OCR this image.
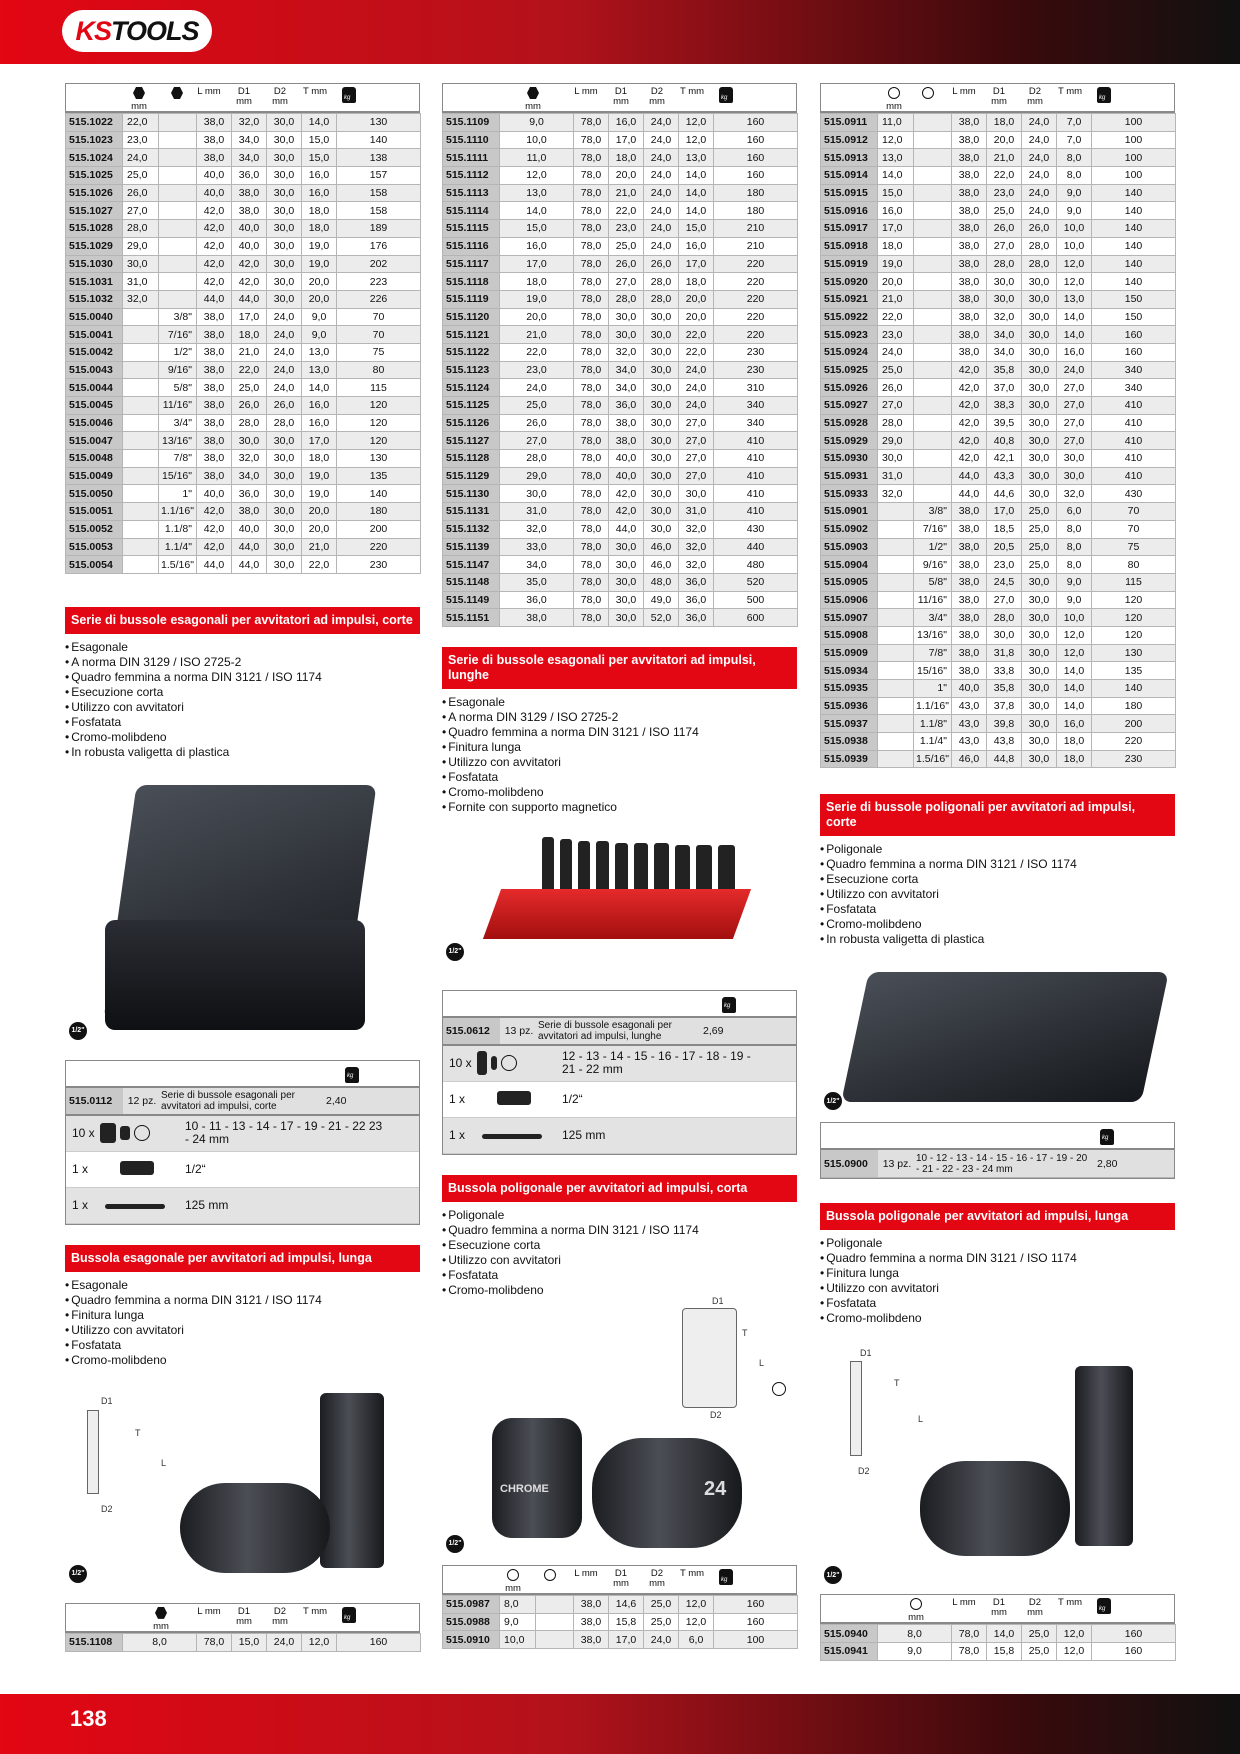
KS TOOLS

mm
L mm	D1 mm
D2 mm
T mm
kg
515.1022	22,0		38,0	32,0	30,0	14,0	130
515.1023	23,0		38,0	34,0	30,0	15,0	140
515.1024	24,0		38,0	34,0	30,0	15,0	138
515.1025	25,0		40,0	36,0	30,0	16,0	157
515.1026	26,0		40,0	38,0	30,0	16,0	158
515.1027	27,0		42,0	38,0	30,0	18,0	158
515.1028	28,0		42,0	40,0	30,0	18,0	189
515.1029	29,0		42,0	40,0	30,0	19,0	176
515.1030	30,0		42,0	42,0	30,0	19,0	202
515.1031	31,0		42,0	42,0	30,0	20,0	223
515.1032	32,0		44,0	44,0	30,0	20,0	226
515.0040		3/8"	38,0	17,0	24,0	9,0	70
515.0041		7/16"	38,0	18,0	24,0	9,0	70
515.0042		1/2"	38,0	21,0	24,0	13,0	75
515.0043		9/16"	38,0	22,0	24,0	13,0	80
515.0044		5/8"	38,0	25,0	24,0	14,0	115
515.0045		11/16"	38,0	26,0	26,0	16,0	120
515.0046		3/4"	38,0	28,0	28,0	16,0	120
515.0047		13/16"	38,0	30,0	30,0	17,0	120
515.0048		7/8"	38,0	32,0	30,0	18,0	130
515.0049		15/16"	38,0	34,0	30,0	19,0	135
515.0050		1"	40,0	36,0	30,0	19,0	140
515.0051		1.1/16"	42,0	38,0	30,0	20,0	180
515.0052		1.1/8"	42,0	40,0	30,0	20,0	200
515.0053		1.1/4"	42,0	44,0	30,0	21,0	220
515.0054		1.5/16"	44,0	44,0	30,0	22,0	230
Serie di bussole esagonali per avvitatori ad impulsi, corte
• Esagonale
• A norma DIN 3129 / ISO 2725-2
• Quadro femmina a norma DIN 3121 / ISO 1174
• Esecuzione corta
• Utilizzo con avvitatori
• Fosfatata
• Cromo-molibdeno
• In robusta valigetta di plastica
1/2"
kg
515.0112	12 pz. Serie di bussole esagonali per avvitatori ad impulsi, corte	2,40
10 x	10 - 11 - 13 - 14 - 17 - 19 - 21 - 22 23 - 24 mm
1 x	1/2“
1 x	125 mm
Bussola esagonale per avvitatori ad impulsi, lunga
• Esagonale
• Quadro femmina a norma DIN 3121 / ISO 1174
• Finitura lunga
• Utilizzo con avvitatori
• Fosfatata
• Cromo-molibdeno
D1
T
L
D2
1/2"

mm
L mm	D1 mm
D2 mm
T mm
kg
515.1108	8,0	78,0	15,0	24,0	12,0	160

mm
L mm	D1 mm
D2 mm
T mm
kg
515.1109	9,0	78,0	16,0	24,0	12,0	160
515.1110	10,0	78,0	17,0	24,0	12,0	160
515.1111	11,0	78,0	18,0	24,0	13,0	160
515.1112	12,0	78,0	20,0	24,0	14,0	160
515.1113	13,0	78,0	21,0	24,0	14,0	180
515.1114	14,0	78,0	22,0	24,0	14,0	180
515.1115	15,0	78,0	23,0	24,0	15,0	210
515.1116	16,0	78,0	25,0	24,0	16,0	210
515.1117	17,0	78,0	26,0	26,0	17,0	220
515.1118	18,0	78,0	27,0	28,0	18,0	220
515.1119	19,0	78,0	28,0	28,0	20,0	220
515.1120	20,0	78,0	30,0	30,0	20,0	220
515.1121	21,0	78,0	30,0	30,0	22,0	220
515.1122	22,0	78,0	32,0	30,0	22,0	230
515.1123	23,0	78,0	34,0	30,0	24,0	230
515.1124	24,0	78,0	34,0	30,0	24,0	310
515.1125	25,0	78,0	36,0	30,0	24,0	340
515.1126	26,0	78,0	38,0	30,0	27,0	340
515.1127	27,0	78,0	38,0	30,0	27,0	410
515.1128	28,0	78,0	40,0	30,0	27,0	410
515.1129	29,0	78,0	40,0	30,0	27,0	410
515.1130	30,0	78,0	42,0	30,0	30,0	410
515.1131	31,0	78,0	42,0	30,0	31,0	410
515.1132	32,0	78,0	44,0	30,0	32,0	430
515.1139	33,0	78,0	30,0	46,0	32,0	440
515.1147	34,0	78,0	30,0	46,0	32,0	480
515.1148	35,0	78,0	30,0	48,0	36,0	520
515.1149	36,0	78,0	30,0	49,0	36,0	500
515.1151	38,0	78,0	30,0	52,0	36,0	600
Serie di bussole esagonali per avvitatori ad impulsi, lunghe
• Esagonale
• A norma DIN 3129 / ISO 2725-2
• Quadro femmina a norma DIN 3121 / ISO 1174
• Finitura lunga
• Utilizzo con avvitatori
• Fosfatata
• Cromo-molibdeno
• Fornite con supporto magnetico
1/2"
kg
515.0612	13 pz. Serie di bussole esagonali per avvitatori ad impulsi, lunghe	2,69
10 x	12 - 13 - 14 - 15 - 16 - 17 - 18 - 19 - 21 - 22 mm
1 x	1/2“
1 x	125 mm
Bussola poligonale per avvitatori ad impulsi, corta
• Poligonale
• Quadro femmina a norma DIN 3121 / ISO 1174
• Esecuzione corta
• Utilizzo con avvitatori
• Fosfatata
• Cromo-molibdeno
D1
T
L
D2
CHROME	24
1/2"

mm
L mm	D1 mm
D2 mm
T mm
kg
515.0987	8,0		38,0	14,6	25,0	12,0	160
515.0988	9,0		38,0	15,8	25,0	12,0	160
515.0910	10,0		38,0	17,0	24,0	6,0	100

mm
L mm	D1 mm
D2 mm
T mm
kg
515.0911	11,0		38,0	18,0	24,0	7,0	100
515.0912	12,0		38,0	20,0	24,0	7,0	100
515.0913	13,0		38,0	21,0	24,0	8,0	100
515.0914	14,0		38,0	22,0	24,0	8,0	100
515.0915	15,0		38,0	23,0	24,0	9,0	140
515.0916	16,0		38,0	25,0	24,0	9,0	140
515.0917	17,0		38,0	26,0	26,0	10,0	140
515.0918	18,0		38,0	27,0	28,0	10,0	140
515.0919	19,0		38,0	28,0	28,0	12,0	140
515.0920	20,0		38,0	30,0	30,0	12,0	140
515.0921	21,0		38,0	30,0	30,0	13,0	150
515.0922	22,0		38,0	32,0	30,0	14,0	150
515.0923	23,0		38,0	34,0	30,0	14,0	160
515.0924	24,0		38,0	34,0	30,0	16,0	160
515.0925	25,0		42,0	35,8	30,0	24,0	340
515.0926	26,0		42,0	37,0	30,0	27,0	340
515.0927	27,0		42,0	38,3	30,0	27,0	410
515.0928	28,0		42,0	39,5	30,0	27,0	410
515.0929	29,0		42,0	40,8	30,0	27,0	410
515.0930	30,0		42,0	42,1	30,0	30,0	410
515.0931	31,0		44,0	43,3	30,0	30,0	410
515.0933	32,0		44,0	44,6	30,0	32,0	430
515.0901		3/8"	38,0	17,0	25,0	6,0	70
515.0902		7/16"	38,0	18,5	25,0	8,0	70
515.0903		1/2"	38,0	20,5	25,0	8,0	75
515.0904		9/16"	38,0	23,0	25,0	8,0	80
515.0905		5/8"	38,0	24,5	30,0	9,0	115
515.0906		11/16"	38,0	27,0	30,0	9,0	120
515.0907		3/4"	38,0	28,0	30,0	10,0	120
515.0908		13/16"	38,0	30,0	30,0	12,0	120
515.0909		7/8"	38,0	31,8	30,0	12,0	130
515.0934		15/16"	38,0	33,8	30,0	14,0	135
515.0935		1"	40,0	35,8	30,0	14,0	140
515.0936		1.1/16"	43,0	37,8	30,0	14,0	180
515.0937		1.1/8"	43,0	39,8	30,0	16,0	200
515.0938		1.1/4"	43,0	43,8	30,0	18,0	220
515.0939		1.5/16"	46,0	44,8	30,0	18,0	230
Serie di bussole poligonali per avvitatori ad impulsi, corte
• Poligonale
• Quadro femmina a norma DIN 3121 / ISO 1174
• Esecuzione corta
• Utilizzo con avvitatori
• Fosfatata
• Cromo-molibdeno
• In robusta valigetta di plastica
1/2"
kg
515.0900	13 pz. 10 - 12 - 13 - 14 - 15 - 16 - 17 - 19 - 20 - 21 - 22 - 23 - 24 mm	2,80
Bussola poligonale per avvitatori ad impulsi, lunga
• Poligonale
• Quadro femmina a norma DIN 3121 / ISO 1174
• Finitura lunga
• Utilizzo con avvitatori
• Fosfatata
• Cromo-molibdeno
D1
T
L
D2
1/2"

mm
L mm	D1 mm
D2 mm
T mm
kg
515.0940	8,0	78,0	14,0	25,0	12,0	160
515.0941	9,0	78,0	15,8	25,0	12,0	160
138
